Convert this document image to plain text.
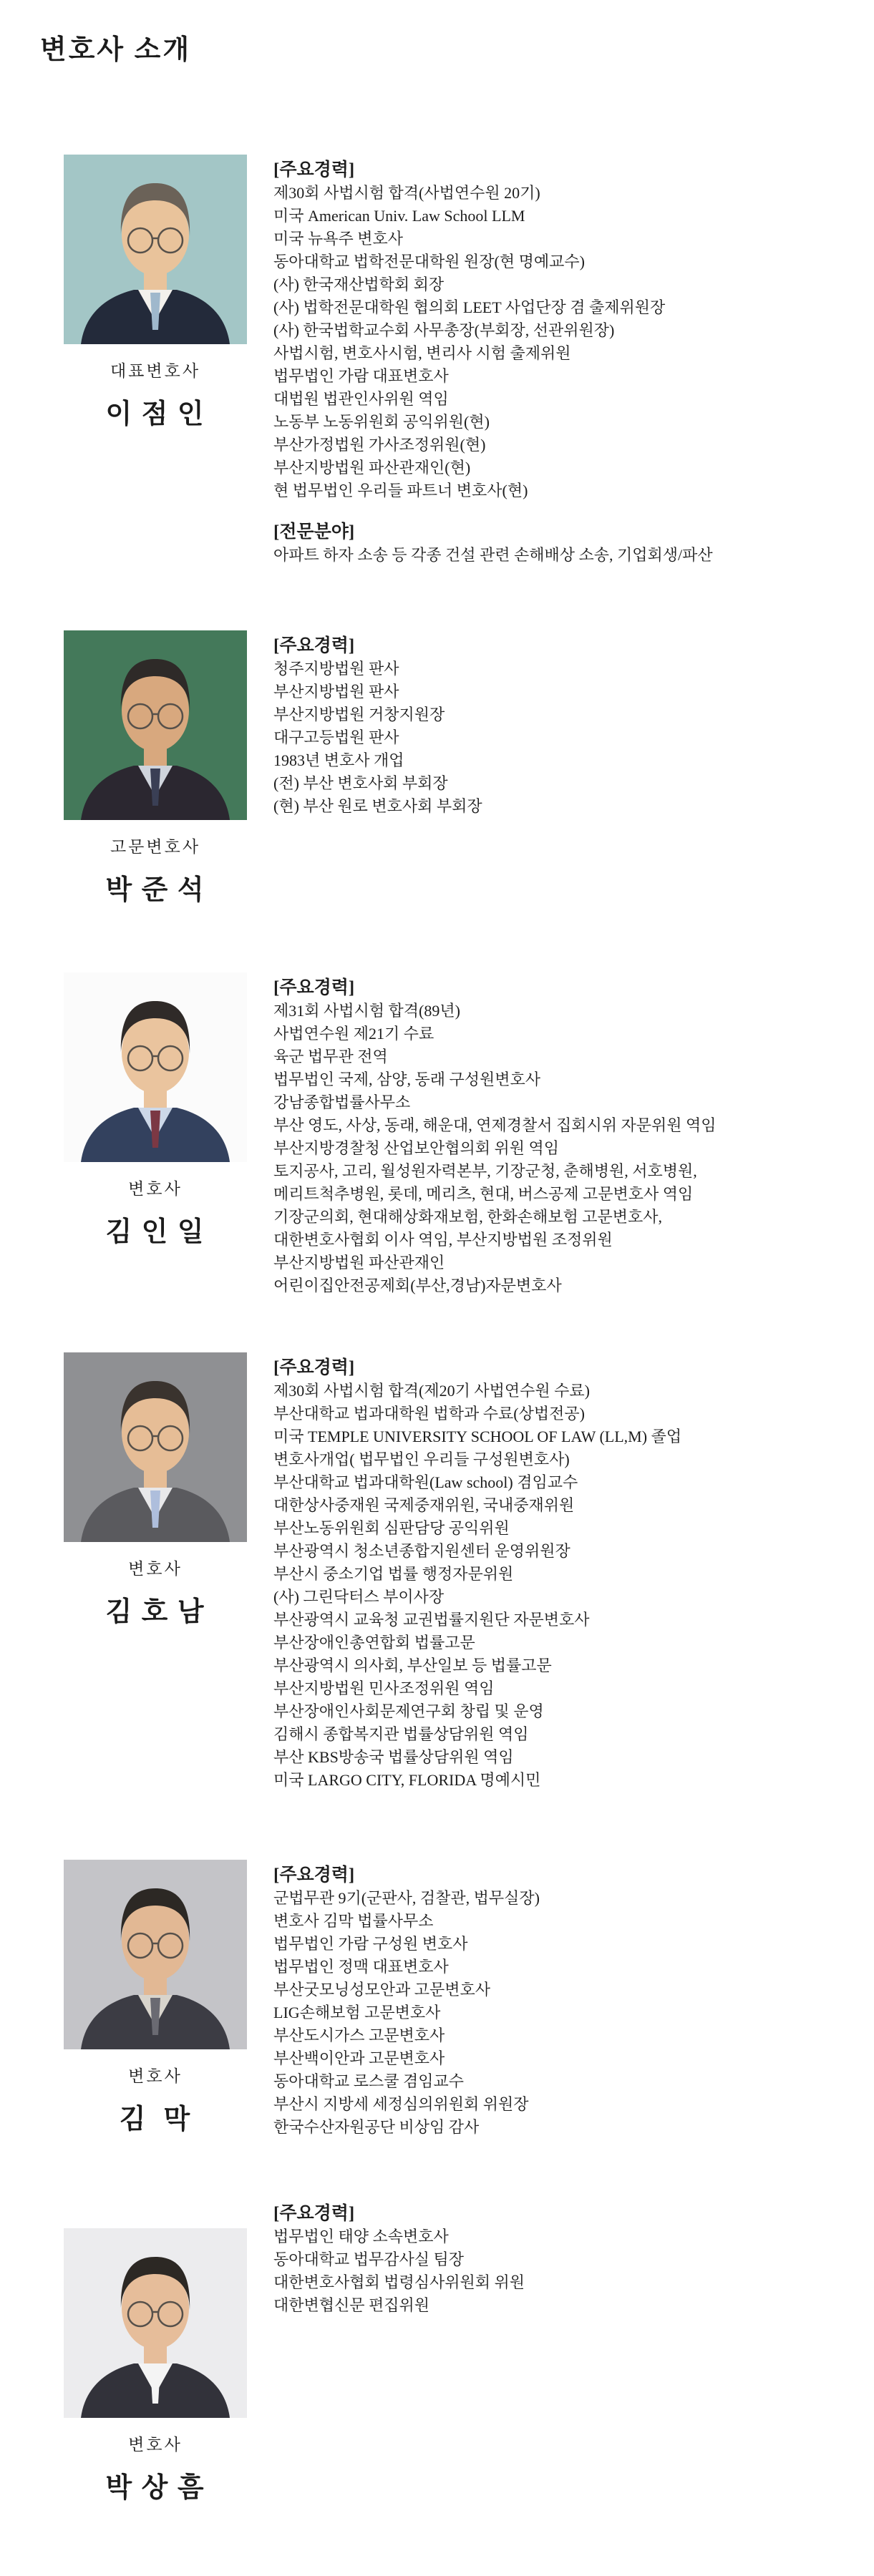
변호사 소개
대표변호사
이 점 인
[주요경력]
제30회 사법시험 합격(사법연수원 20기)
미국 American Univ. Law School LLM
미국 뉴욕주 변호사
동아대학교 법학전문대학원 원장(현 명예교수)
(사) 한국재산법학회 회장
(사) 법학전문대학원 협의회 LEET 사업단장 겸 출제위원장
(사) 한국법학교수회 사무총장(부회장, 선관위원장)
사법시험, 변호사시험, 변리사 시험 출제위원
법무법인 가람 대표변호사
대법원 법관인사위원 역임
노동부 노동위원회 공익위원(현)
부산가정법원 가사조정위원(현)
부산지방법원 파산관재인(현)
현 법무법인 우리들 파트너 변호사(현)
[전문분야]
아파트 하자 소송 등 각종 건설 관련 손해배상 소송, 기업회생/파산
고문변호사
박 준 석
[주요경력]
청주지방법원 판사
부산지방법원 판사
부산지방법원 거창지원장
대구고등법원 판사
1983년 변호사 개업
(전) 부산 변호사회 부회장
(현) 부산 원로 변호사회 부회장
변호사
김 인 일
[주요경력]
제31회 사법시험 합격(89년)
사법연수원 제21기 수료
육군 법무관 전역
법무법인 국제, 삼양, 동래 구성원변호사
강남종합법률사무소
부산 영도, 사상, 동래, 해운대, 연제경찰서 집회시위 자문위원 역임
부산지방경찰청 산업보안협의회 위원 역임
토지공사, 고리, 월성원자력본부, 기장군청, 춘해병원, 서호병원,
메리트척추병원, 롯데, 메리츠, 현대, 버스공제 고문변호사 역임
기장군의회, 현대해상화재보험, 한화손해보험 고문변호사,
대한변호사협회 이사 역임, 부산지방법원 조정위원
부산지방법원 파산관재인
어린이집안전공제회(부산,경남)자문변호사
변호사
김 호 남
[주요경력]
제30회 사법시험 합격(제20기 사법연수원 수료)
부산대학교 법과대학원 법학과 수료(상법전공)
미국 TEMPLE UNIVERSITY SCHOOL OF LAW (LL,M) 졸업
변호사개업( 법무법인 우리들 구성원변호사)
부산대학교 법과대학원(Law school) 겸임교수
대한상사중재원 국제중재위원, 국내중재위원
부산노동위원회 심판담당 공익위원
부산광역시 청소년종합지원센터 운영위원장
부산시 중소기업 법률 행정자문위원
(사) 그린닥터스 부이사장
부산광역시 교육청 교권법률지원단 자문변호사
부산장애인총연합회 법률고문
부산광역시 의사회, 부산일보 등 법률고문
부산지방법원 민사조정위원 역임
부산장애인사회문제연구회 창립 및 운영
김해시 종합복지관 법률상담위원 역임
부산 KBS방송국 법률상담위원 역임
미국 LARGO CITY, FLORIDA 명예시민
변호사
김  막
[주요경력]
군법무관 9기(군판사, 검찰관, 법무실장)
변호사 김막 법률사무소
법무법인 가람 구성원 변호사
법무법인 정맥 대표변호사
부산굿모닝성모안과 고문변호사
LIG손해보험 고문변호사
부산도시가스 고문변호사
부산백이안과 고문변호사
동아대학교 로스쿨 겸임교수
부산시 지방세 세정심의위원회 위원장
한국수산자원공단 비상임 감사
변호사
박 상 흠
[주요경력]
법무법인 태양 소속변호사
동아대학교 법무감사실 팀장
대한변호사협회 법령심사위원회 위원
대한변협신문 편집위원
